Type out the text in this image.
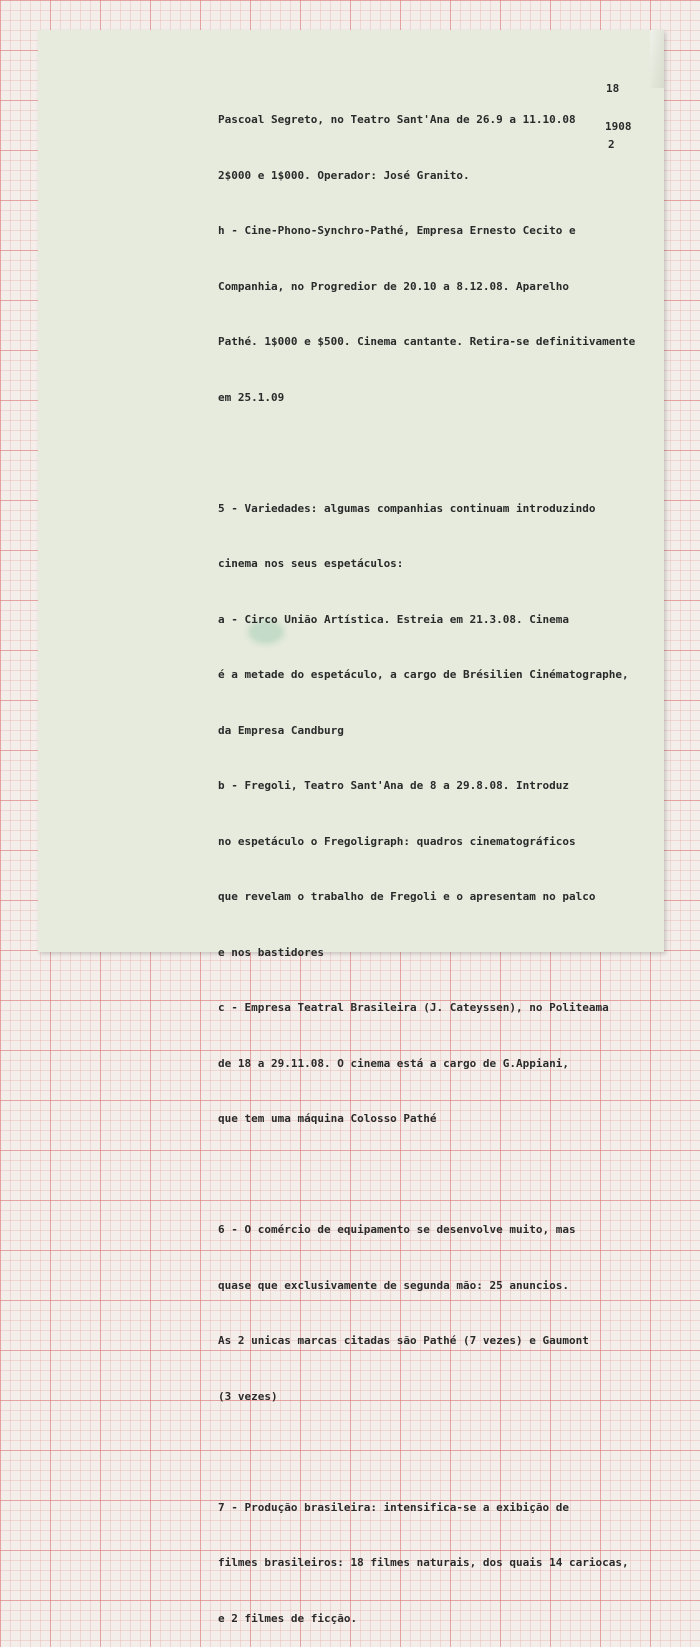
18
1908
2

Pascoal Segreto, no Teatro Sant'Ana de 26.9 a 11.10.08

2$000 e 1$000. Operador: José Granito.

h - Cine-Phono-Synchro-Pathé, Empresa Ernesto Cecito e

Companhia, no Progredior de 20.10 a 8.12.08. Aparelho

Pathé. 1$000 e $500. Cinema cantante. Retira-se definitivamente

em 25.1.09

5 - Variedades: algumas companhias continuam introduzindo

cinema nos seus espetáculos:

a - Circo União Artística. Estreia em 21.3.08. Cinema

é a metade do espetáculo, a cargo de Brésilien Cinématographe,

da Empresa Candburg

b - Fregoli, Teatro Sant'Ana de 8 a 29.8.08. Introduz

no espetáculo o Fregoligraph: quadros cinematográficos

que revelam o trabalho de Fregoli e o apresentam no palco

e nos bastidores

c - Empresa Teatral Brasileira (J. Cateyssen), no Politeama

de 18 a 29.11.08. O cinema está a cargo de G.Appiani,

que tem uma máquina Colosso Pathé

6 - O comércio de equipamento se desenvolve muito, mas

quase que exclusivamente de segunda mão: 25 anuncios.

As 2 unicas marcas citadas são Pathé (7 vezes) e Gaumont

(3 vezes)

7 - Produção brasileira: intensifica-se a exibição de

filmes brasileiros: 18 filmes naturais, dos quais 14 cariocas,

e 2 filmes de ficção.
